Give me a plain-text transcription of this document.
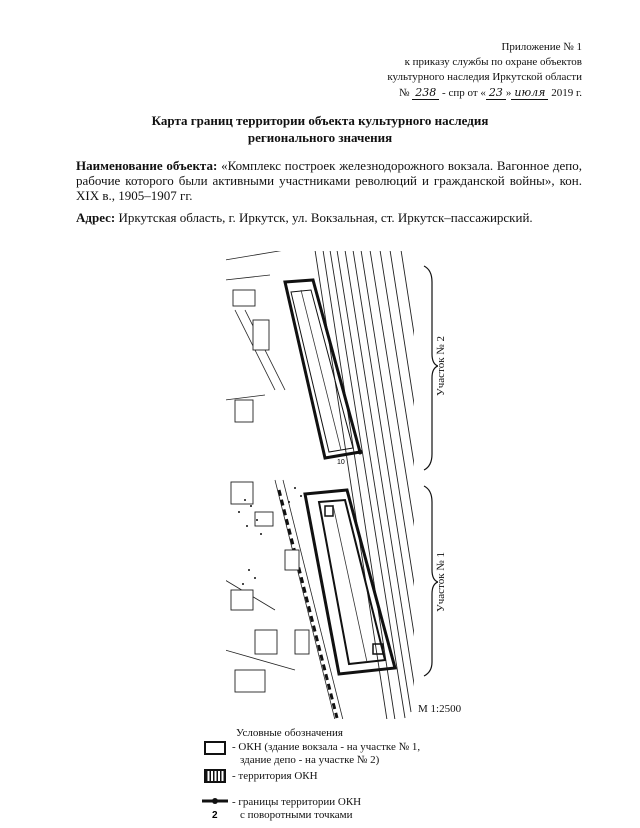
Приложение № 1
к приказу службы по охране объектов
культурного наследия Иркутской области
№ 238 - спр от « 23 » июля 2019 г.
Карта границ территории объекта культурного наследия
регионального значения
Наименование объекта: «Комплекс построек железнодорожного вокзала. Вагонное депо, рабочие которого были активными участниками революций и гражданской войны», кон. XIX в., 1905–1907 гг.
Адрес: Иркутская область, г. Иркутск, ул. Вокзальная, ст. Иркутск–пассажирский.
10
Участок № 2
Участок № 1
М 1:2500
Условные обозначения
- ОКН (здание вокзала - на участке № 1,
здание депо - на участке № 2)
- территория ОКН
2
- границы территории ОКН
с поворотными точками
